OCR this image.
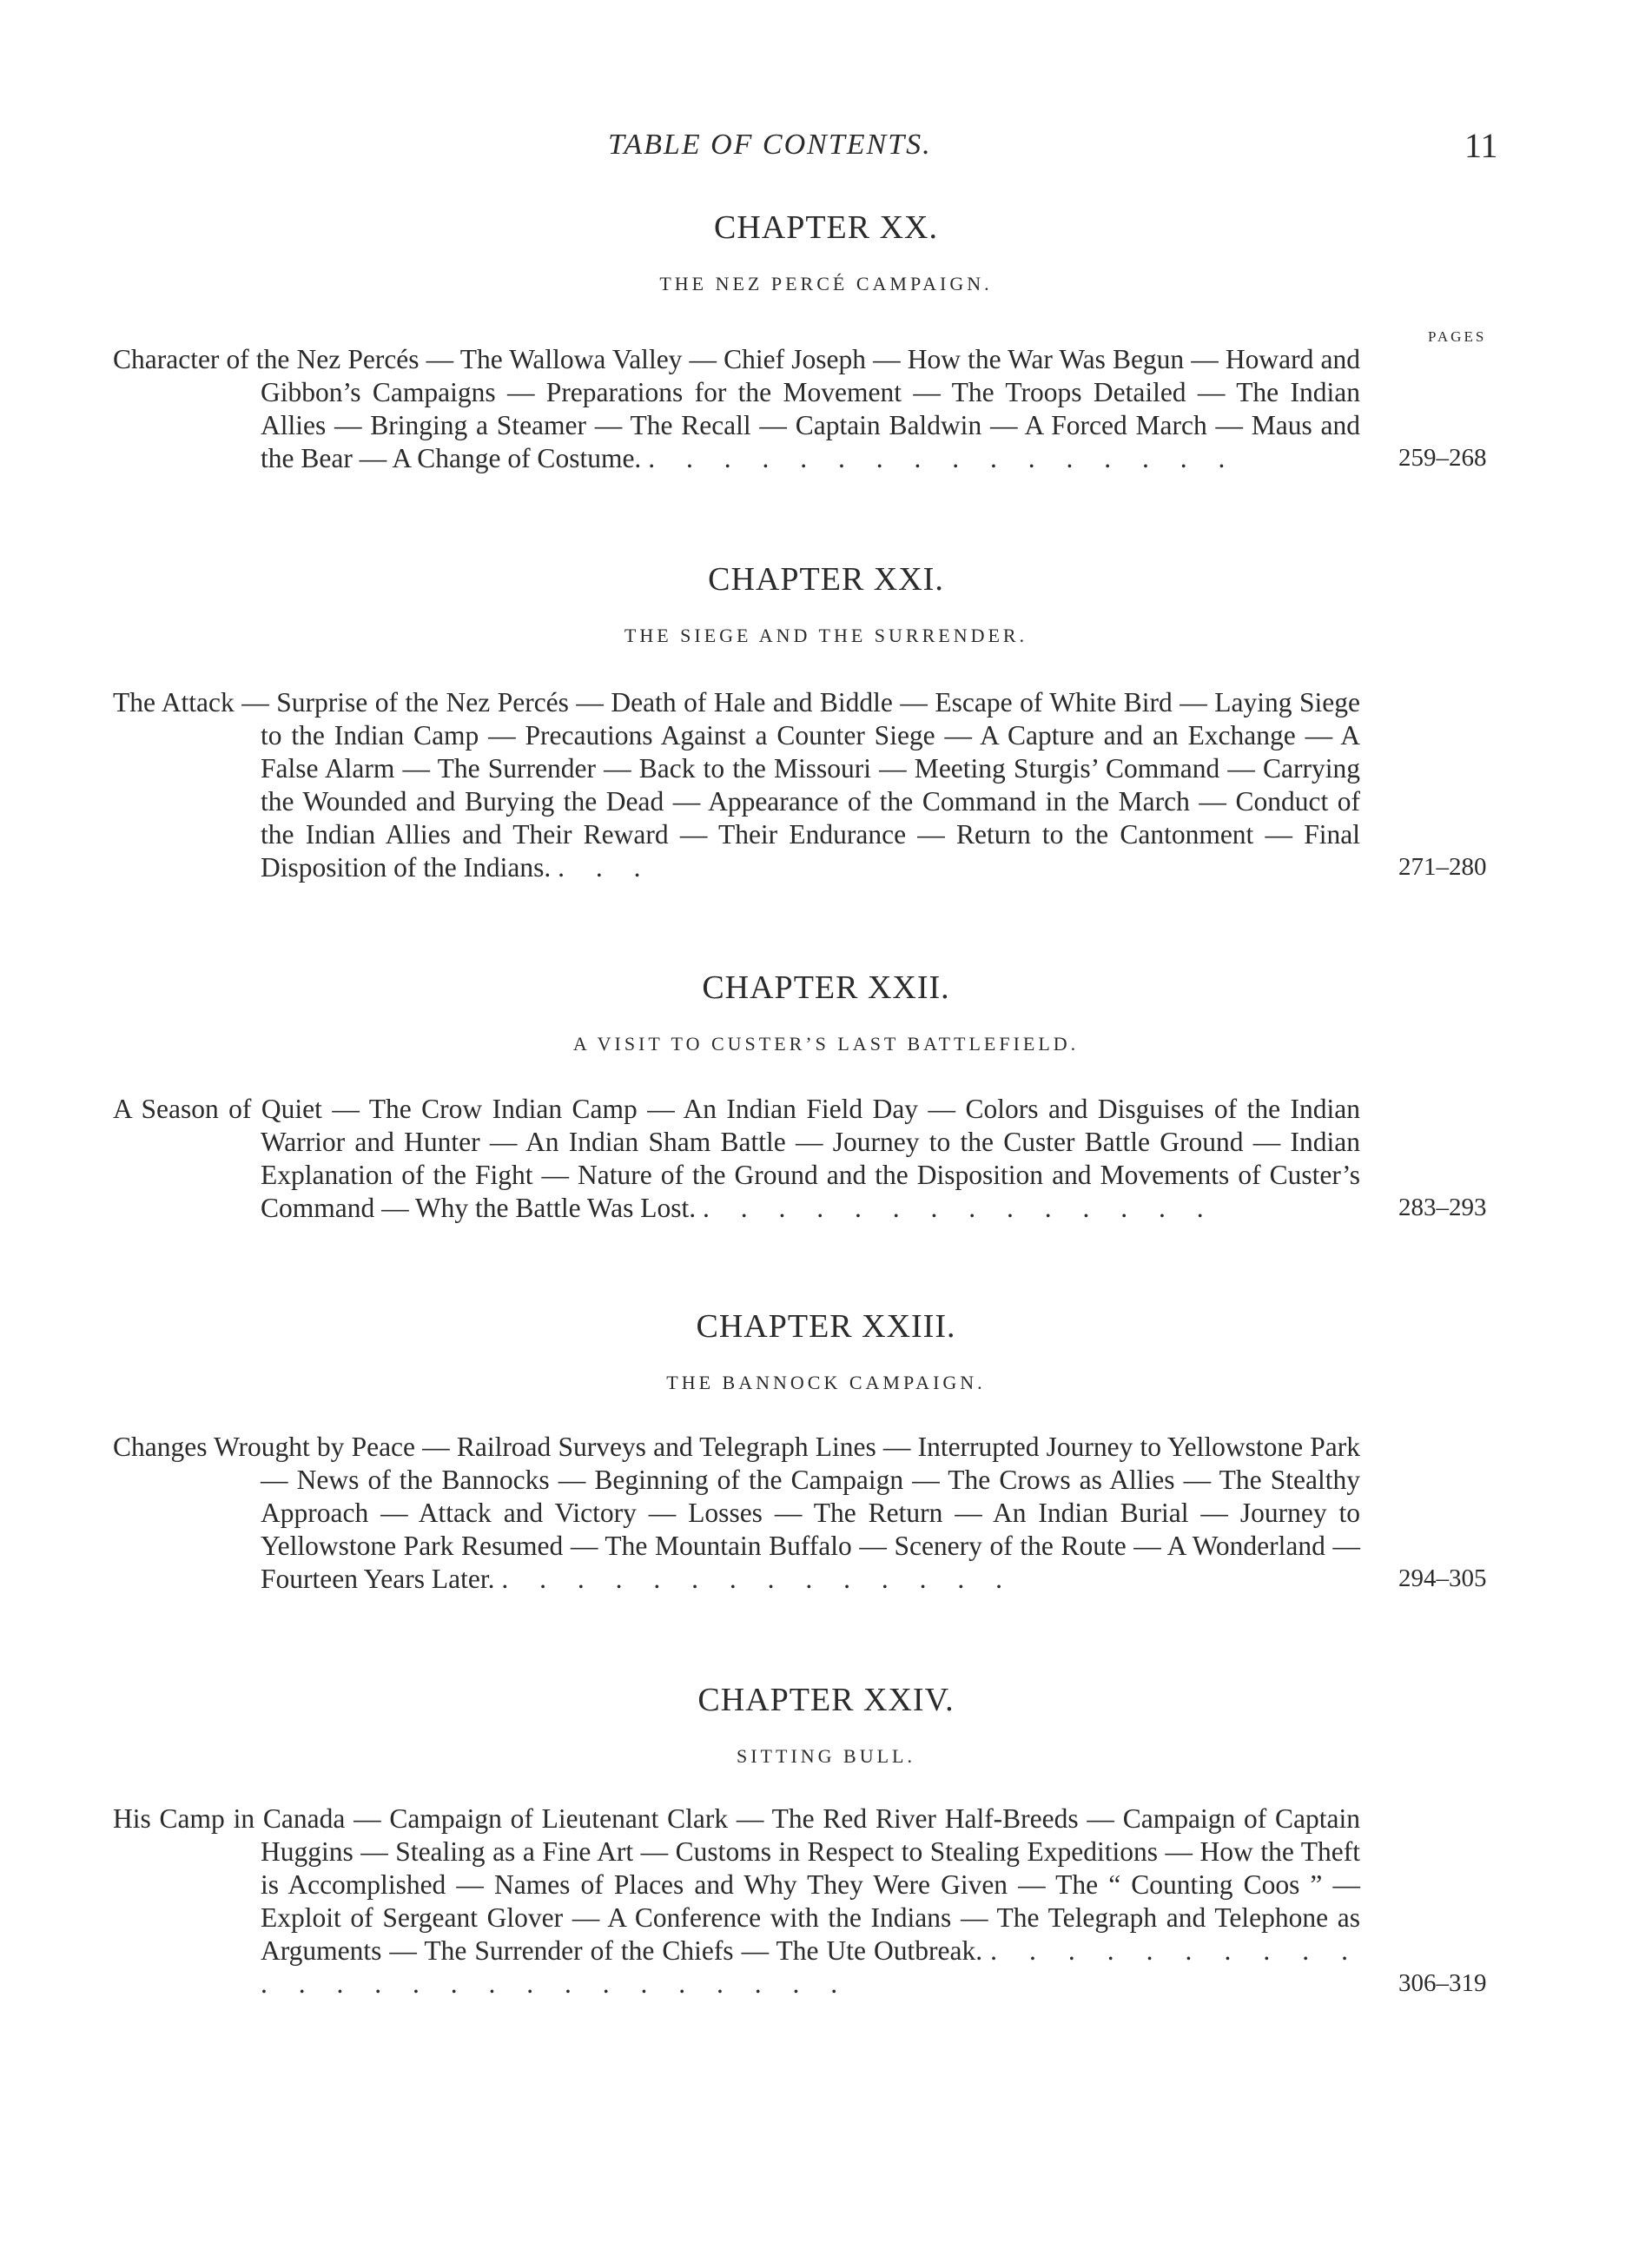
TABLE OF CONTENTS.	11
CHAPTER XX.
THE NEZ PERCÉ CAMPAIGN.
PAGES
Character of the Nez Percés — The Wallowa Valley — Chief Joseph — How the War Was Begun — Howard and Gibbon’s Campaigns — Preparations for the Movement — The Troops Detailed — The Indian Allies — Bringing a Steamer — The Recall — Captain Baldwin — A Forced March — Maus and the Bear — A Change of Costume. . . . . . . . . . . . . . . . .	259–268
CHAPTER XXI.
THE SIEGE AND THE SURRENDER.
The Attack — Surprise of the Nez Percés — Death of Hale and Biddle — Escape of White Bird — Laying Siege to the Indian Camp — Precautions Against a Counter Siege — A Capture and an Exchange — A False Alarm — The Surrender — Back to the Missouri — Meeting Sturgis’ Command — Carrying the Wounded and Burying the Dead — Appearance of the Command in the March — Conduct of the Indian Allies and Their Reward — Their Endurance — Return to the Cantonment — Final Disposition of the Indians. . . .	271–280
CHAPTER XXII.
A VISIT TO CUSTER’S LAST BATTLEFIELD.
A Season of Quiet — The Crow Indian Camp — An Indian Field Day — Colors and Disguises of the Indian Warrior and Hunter — An Indian Sham Battle — Journey to the Custer Battle Ground — Indian Explanation of the Fight — Nature of the Ground and the Disposition and Movements of Custer’s Command — Why the Battle Was Lost. . . . . . . . . . . . . . .	283–293
CHAPTER XXIII.
THE BANNOCK CAMPAIGN.
Changes Wrought by Peace — Railroad Surveys and Telegraph Lines — Interrupted Journey to Yellowstone Park — News of the Bannocks — Beginning of the Campaign — The Crows as Allies — The Stealthy Approach — Attack and Victory — Losses — The Return — An Indian Burial — Journey to Yellowstone Park Resumed — The Mountain Buffalo — Scenery of the Route — A Wonderland — Fourteen Years Later. . . . . . . . . . . . . . .	294–305
CHAPTER XXIV.
SITTING BULL.
His Camp in Canada — Campaign of Lieutenant Clark — The Red River Half-Breeds — Campaign of Captain Huggins — Stealing as a Fine Art — Customs in Respect to Stealing Expeditions — How the Theft is Accomplished — Names of Places and Why They Were Given — The “ Counting Coos ” — Exploit of Sergeant Glover — A Conference with the Indians — The Telegraph and Telephone as Arguments — The Surrender of the Chiefs — The Ute Outbreak. . . . . . . . . . . . . . . . . . . . . . . . . . .	306–319
